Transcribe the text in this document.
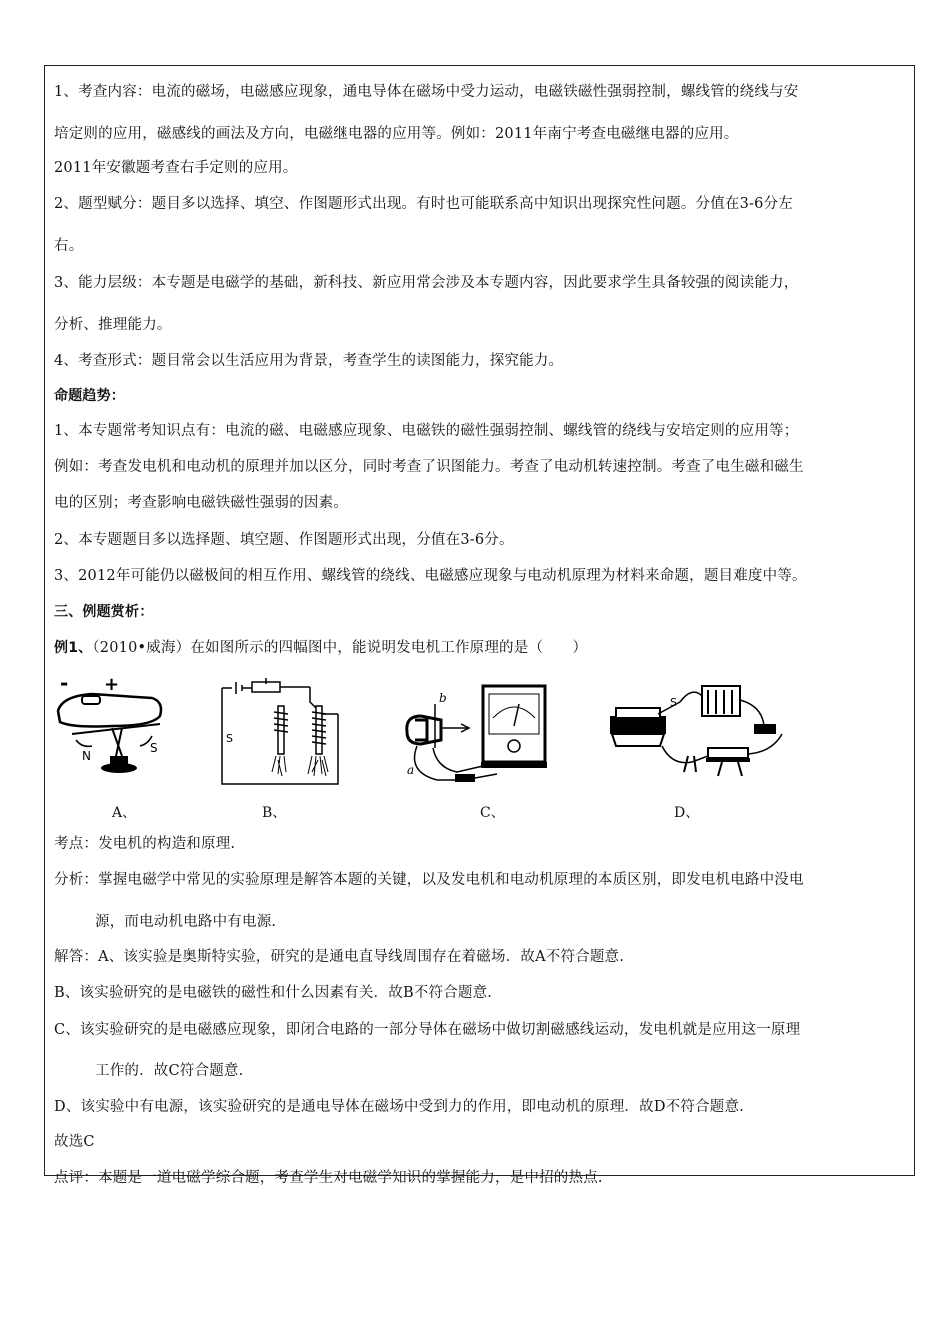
1、考查内容：电流的磁场，电磁感应现象，通电导体在磁场中受力运动，电磁铁磁性强弱控制，螺线管的绕线与安
培定则的应用，磁感线的画法及方向，电磁继电器的应用等。例如：2011年南宁考查电磁继电器的应用。
2011年安徽题考查右手定则的应用。
2、题型赋分：题目多以选择、填空、作图题形式出现。有时也可能联系高中知识出现探究性问题。分值在3-6分左
右。
3、能力层级：本专题是电磁学的基础，新科技、新应用常会涉及本专题内容，因此要求学生具备较强的阅读能力，
分析、推理能力。
4、考查形式：题目常会以生活应用为背景，考查学生的读图能力，探究能力。
命题趋势：
1、本专题常考知识点有：电流的磁、电磁感应现象、电磁铁的磁性强弱控制、螺线管的绕线与安培定则的应用等；
例如：考查发电机和电动机的原理并加以区分，同时考查了识图能力。考查了电动机转速控制。考查了电生磁和磁生
电的区别；考查影响电磁铁磁性强弱的因素。
2、本专题题目多以选择题、填空题、作图题形式出现，分值在3-6分。
3、2012年可能仍以磁极间的相互作用、螺线管的绕线、电磁感应现象与电动机原理为材料来命题，题目难度中等。
三、例题赏析：
例1、（2010•威海）在如图所示的四幅图中，能说明发电机工作原理的是（　　）
- +
N
S
S
b
a
S
A、	B、	C、	D、
考点：发电机的构造和原理.
分析：掌握电磁学中常见的实验原理是解答本题的关键，以及发电机和电动机原理的本质区别，即发电机电路中没电
源，而电动机电路中有电源.
解答：A、该实验是奥斯特实验，研究的是通电直导线周围存在着磁场．故A不符合题意.
B、该实验研究的是电磁铁的磁性和什么因素有关．故B不符合题意.
C、该实验研究的是电磁感应现象，即闭合电路的一部分导体在磁场中做切割磁感线运动，发电机就是应用这一原理
工作的．故C符合题意.
D、该实验中有电源，该实验研究的是通电导体在磁场中受到力的作用，即电动机的原理．故D不符合题意.
故选C
点评：本题是一道电磁学综合题，考查学生对电磁学知识的掌握能力，是中招的热点.
